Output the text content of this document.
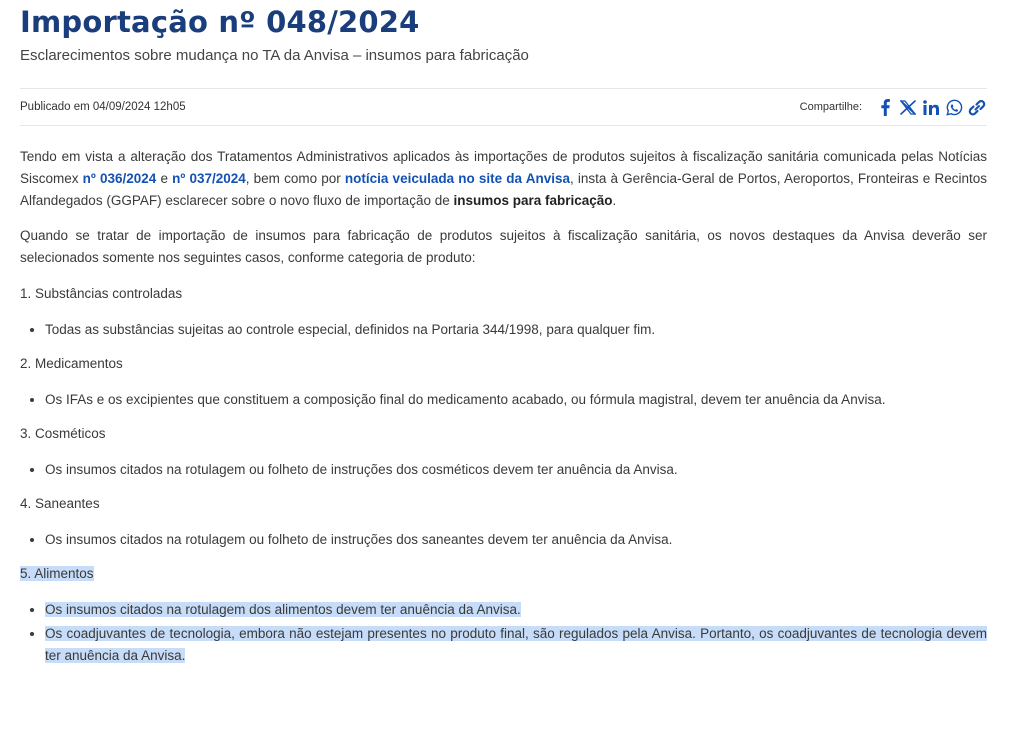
Importação nº 048/2024

Esclarecimentos sobre mudança no TA da Anvisa – insumos para fabricação

Publicado em 04/09/2024 12h05	Compartilhe:

Tendo em vista a alteração dos Tratamentos Administrativos aplicados às importações de produtos sujeitos à fiscalização sanitária comunicada pelas Notícias Siscomex nº 036/2024 e nº 037/2024, bem como por notícia veiculada no site da Anvisa, insta à Gerência-Geral de Portos, Aeroportos, Fronteiras e Recintos Alfandegados (GGPAF) esclarecer sobre o novo fluxo de importação de insumos para fabricação.

Quando se tratar de importação de insumos para fabricação de produtos sujeitos à fiscalização sanitária, os novos destaques da Anvisa deverão ser selecionados somente nos seguintes casos, conforme categoria de produto:

1. Substâncias controladas

• Todas as substâncias sujeitas ao controle especial, definidos na Portaria 344/1998, para qualquer fim.

2. Medicamentos

• Os IFAs e os excipientes que constituem a composição final do medicamento acabado, ou fórmula magistral, devem ter anuência da Anvisa.

3. Cosméticos

• Os insumos citados na rotulagem ou folheto de instruções dos cosméticos devem ter anuência da Anvisa.

4. Saneantes

• Os insumos citados na rotulagem ou folheto de instruções dos saneantes devem ter anuência da Anvisa.

5. Alimentos

• Os insumos citados na rotulagem dos alimentos devem ter anuência da Anvisa.
• Os coadjuvantes de tecnologia, embora não estejam presentes no produto final, são regulados pela Anvisa. Portanto, os coadjuvantes de tecnologia devem ter anuência da Anvisa.
